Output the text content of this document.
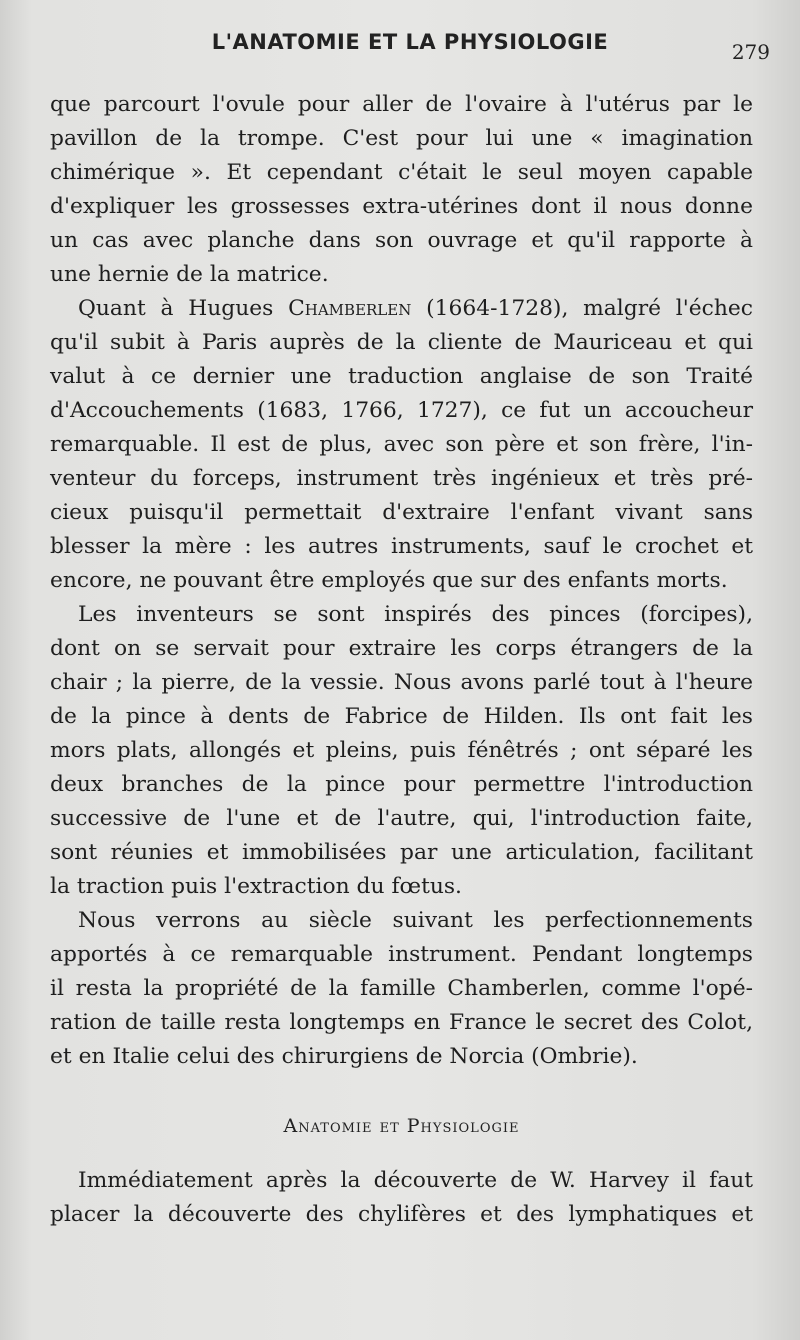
L'ANATOMIE ET LA PHYSIOLOGIE	279
que parcourt l'ovule pour aller de l'ovaire à l'utérus par le
pavillon de la trompe. C'est pour lui une « imagination
chimérique ». Et cependant c'était le seul moyen capable
d'expliquer les grossesses extra-utérines dont il nous donne
un cas avec planche dans son ouvrage et qu'il rapporte à
une hernie de la matrice.
Quant à Hugues Chamberlen (1664-1728), malgré l'échec
qu'il subit à Paris auprès de la cliente de Mauriceau et qui
valut à ce dernier une traduction anglaise de son Traité
d'Accouchements (1683, 1766, 1727), ce fut un accoucheur
remarquable. Il est de plus, avec son père et son frère, l'in-
venteur du forceps, instrument très ingénieux et très pré-
cieux puisqu'il permettait d'extraire l'enfant vivant sans
blesser la mère : les autres instruments, sauf le crochet et
encore, ne pouvant être employés que sur des enfants morts.
Les inventeurs se sont inspirés des pinces (forcipes),
dont on se servait pour extraire les corps étrangers de la
chair ; la pierre, de la vessie. Nous avons parlé tout à l'heure
de la pince à dents de Fabrice de Hilden. Ils ont fait les
mors plats, allongés et pleins, puis fénêtrés ; ont séparé les
deux branches de la pince pour permettre l'introduction
successive de l'une et de l'autre, qui, l'introduction faite,
sont réunies et immobilisées par une articulation, facilitant
la traction puis l'extraction du fœtus.
Nous verrons au siècle suivant les perfectionnements
apportés à ce remarquable instrument. Pendant longtemps
il resta la propriété de la famille Chamberlen, comme l'opé-
ration de taille resta longtemps en France le secret des Colot,
et en Italie celui des chirurgiens de Norcia (Ombrie).
Anatomie et Physiologie
Immédiatement après la découverte de W. Harvey il faut
placer la découverte des chylifères et des lymphatiques et
